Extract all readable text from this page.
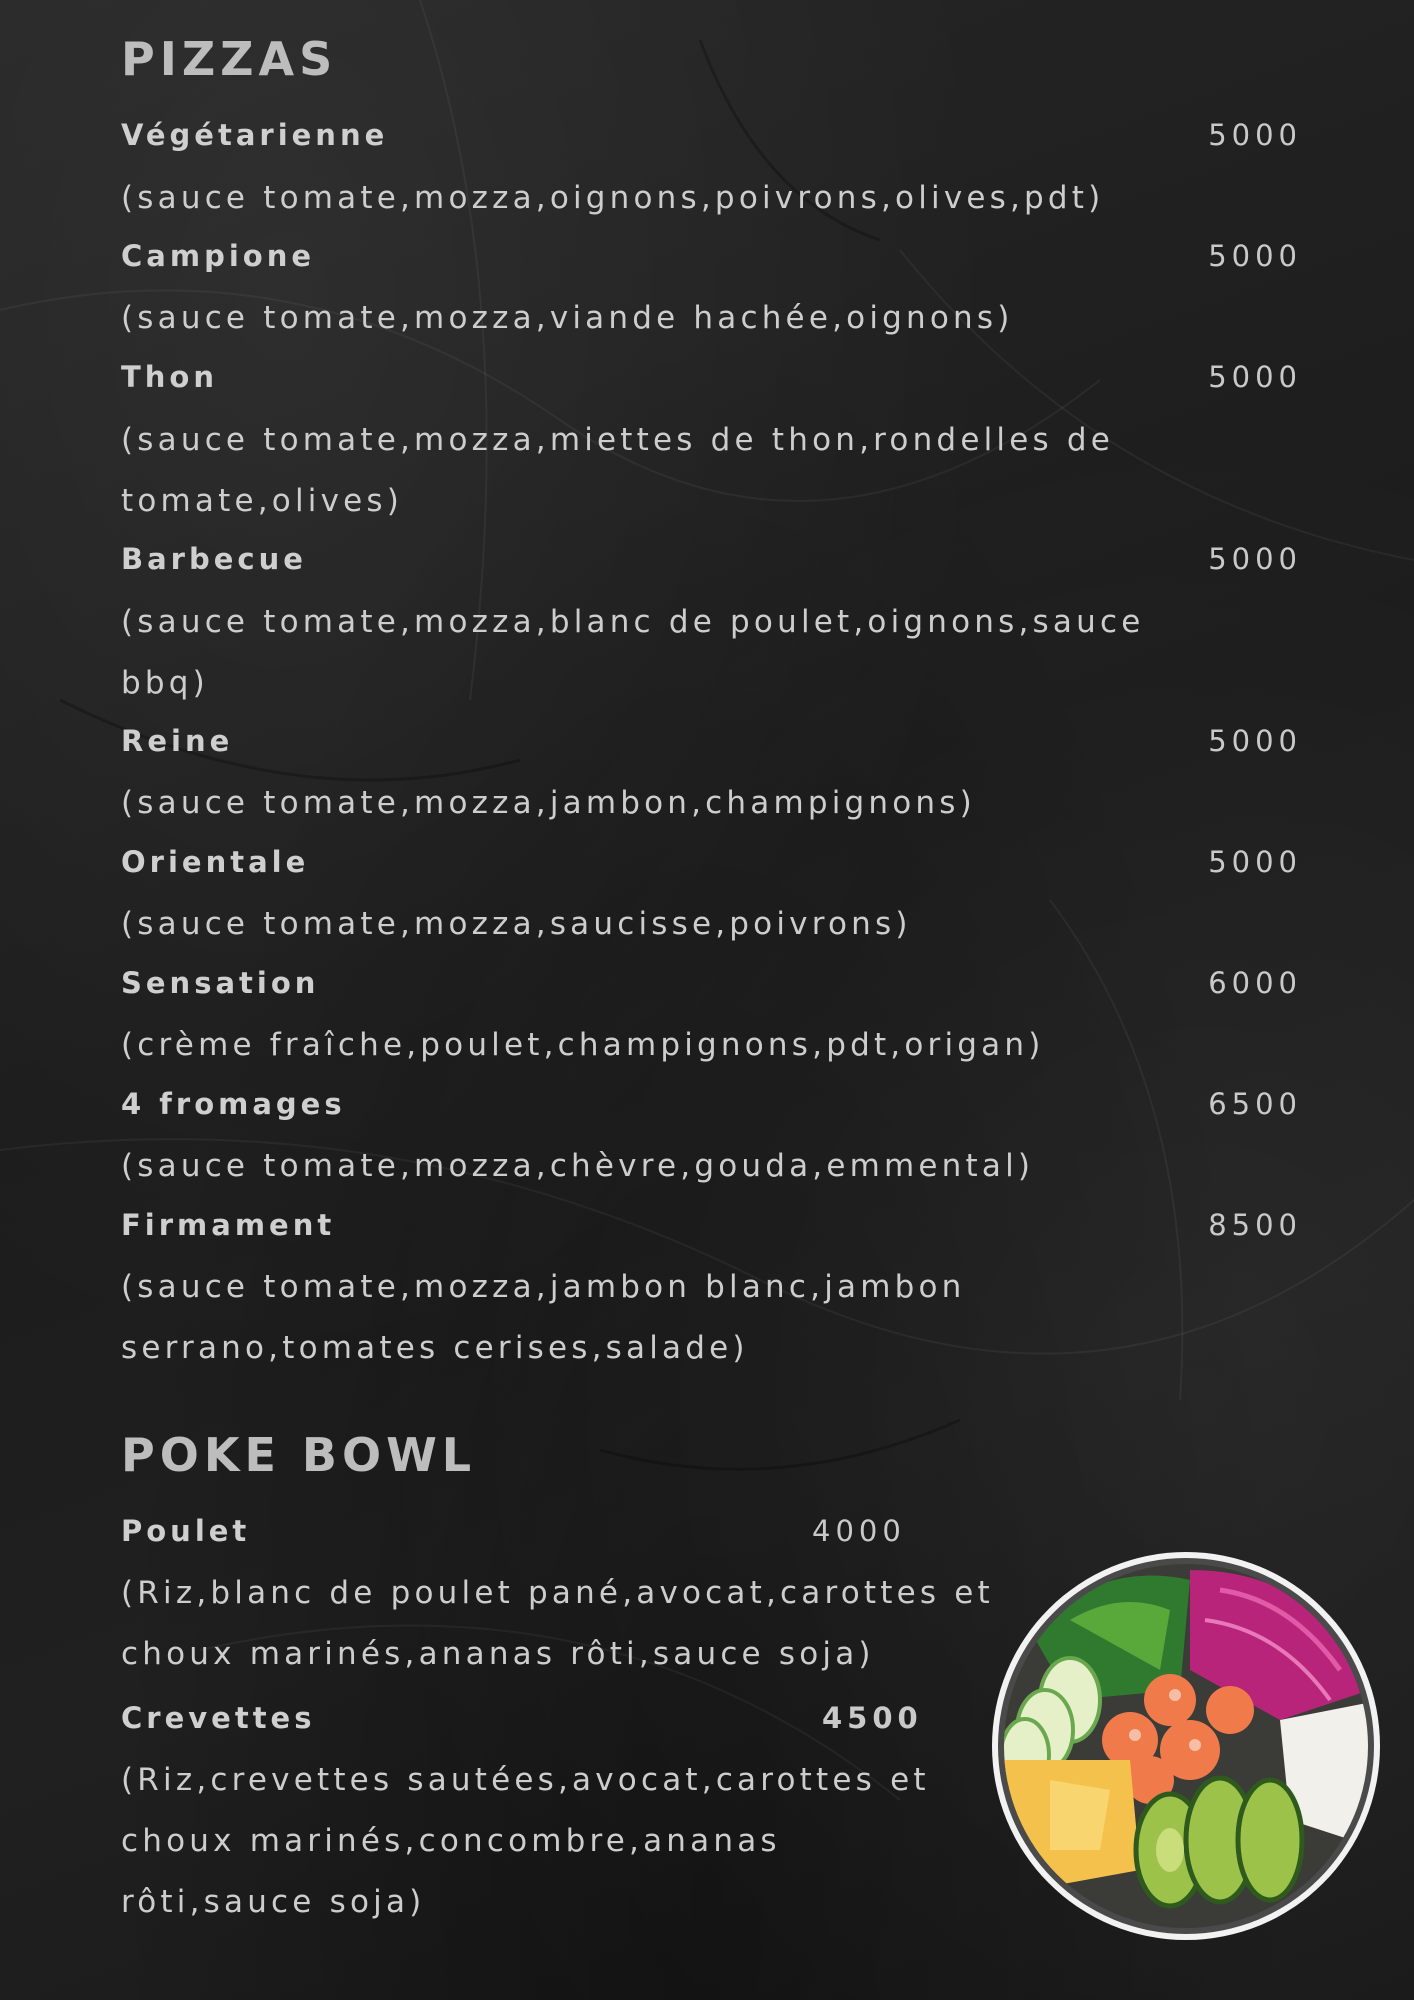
PIZZAS
Végétarienne	5000
(sauce tomate,mozza,oignons,poivrons,olives,pdt)
Campione	5000
(sauce tomate,mozza,viande hachée,oignons)
Thon	5000
(sauce tomate,mozza,miettes de thon,rondelles de tomate,olives)
Barbecue	5000
(sauce tomate,mozza,blanc de poulet,oignons,sauce bbq)
Reine	5000
(sauce tomate,mozza,jambon,champignons)
Orientale	5000
(sauce tomate,mozza,saucisse,poivrons)
Sensation	6000
(crème fraîche,poulet,champignons,pdt,origan)
4 fromages	6500
(sauce tomate,mozza,chèvre,gouda,emmental)
Firmament	8500
(sauce tomate,mozza,jambon blanc,jambon serrano,tomates cerises,salade)
POKE BOWL
Poulet	4000
(Riz,blanc de poulet pané,avocat,carottes et choux marinés,ananas rôti,sauce soja)
Crevettes	4500
(Riz,crevettes sautées,avocat,carottes et choux marinés,concombre,ananas rôti,sauce soja)
